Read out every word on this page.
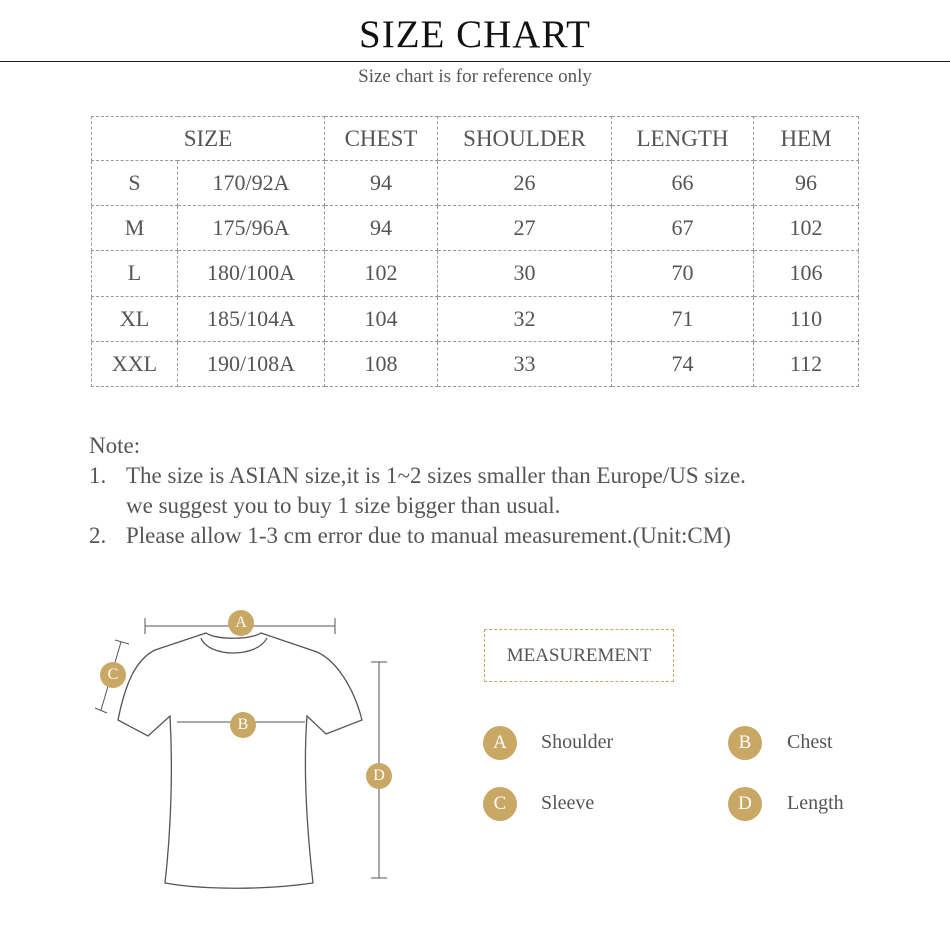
SIZE CHART
Size chart is for reference only
SIZE		CHEST	SHOULDER	LENGTH	HEM
S	170/92A	94	26	66	96
M	175/96A	94	27	67	102
L	180/100A	102	30	70	106
XL	185/104A	104	32	71	110
XXL	190/108A	108	33	74	112
Note:
1. The size is ASIAN size,it is 1~2 sizes smaller than Europe/US size.
we suggest you to buy 1 size bigger than usual.
2. Please allow 1-3 cm error due to manual measurement.(Unit:CM)
A
B
C
D
MEASUREMENT
A	Shoulder	B	Chest
C	Sleeve	D	Length
